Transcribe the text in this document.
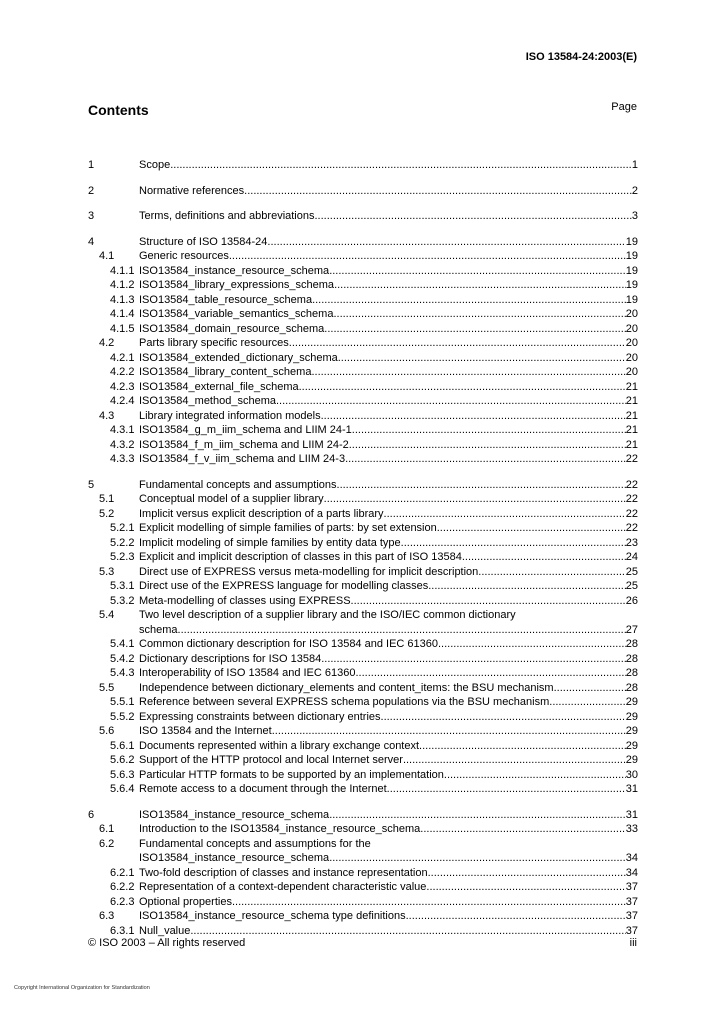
ISO 13584-24:2003(E)
Contents	Page
1	Scope .....	1
2	Normative references .....	2
3	Terms, definitions and abbreviations .....	3
4	Structure of ISO 13584-24 .....	19
4.1	Generic resources .....	19
4.1.1 ISO13584_instance_resource_schema .....	19
4.1.2 ISO13584_library_expressions_schema .....	19
4.1.3 ISO13584_table_resource_schema .....	19
4.1.4 ISO13584_variable_semantics_schema .....	20
4.1.5 ISO13584_domain_resource_schema .....	20
4.2	Parts library specific resources .....	20
4.2.1 ISO13584_extended_dictionary_schema .....	20
4.2.2 ISO13584_library_content_schema .....	20
4.2.3 ISO13584_external_file_schema .....	21
4.2.4 ISO13584_method_schema .....	21
4.3	Library integrated information models .....	21
4.3.1 ISO13584_g_m_iim_schema and LIIM 24-1 .....	21
4.3.2 ISO13584_f_m_iim_schema and LIIM 24-2 .....	21
4.3.3 ISO13584_f_v_iim_schema and LIIM 24-3 .....	22
5	Fundamental concepts and assumptions .....	22
5.1	Conceptual model of a supplier library .....	22
5.2	Implicit versus explicit description of a parts library .....	22
5.2.1 Explicit modelling of simple families of parts: by set extension .....	22
5.2.2 Implicit modeling of simple families by entity data type .....	23
5.2.3 Explicit and implicit description of classes in this part of ISO 13584 .....	24
5.3	Direct use of EXPRESS versus meta-modelling for implicit description .....	25
5.3.1 Direct use of the EXPRESS language for modelling classes .....	25
5.3.2 Meta-modelling of classes using EXPRESS .....	26
5.4	Two level description of a supplier library and the ISO/IEC common dictionary
schema .....	27
5.4.1 Common dictionary description for ISO 13584 and IEC 61360 .....	28
5.4.2 Dictionary descriptions for ISO 13584 .....	28
5.4.3 Interoperability of ISO 13584 and IEC 61360 .....	28
5.5	Independence between dictionary_elements and content_items: the BSU mechanism .....	28
5.5.1 Reference between several EXPRESS schema populations via the BSU mechanism .....	29
5.5.2 Expressing constraints between dictionary entries .....	29
5.6	ISO 13584 and the Internet .....	29
5.6.1 Documents represented within a library exchange context .....	29
5.6.2 Support of the HTTP protocol and local Internet server .....	29
5.6.3 Particular HTTP formats to be supported by an implementation .....	30
5.6.4 Remote access to a document through the Internet .....	31
6	ISO13584_instance_resource_schema .....	31
6.1	Introduction to the ISO13584_instance_resource_schema .....	33
6.2	Fundamental concepts and assumptions for the
ISO13584_instance_resource_schema .....	34
6.2.1 Two-fold description of classes and instance representation .....	34
6.2.2 Representation of a context-dependent characteristic value .....	37
6.2.3 Optional properties .....	37
6.3	ISO13584_instance_resource_schema type definitions .....	37
6.3.1 Null_value .....	37
© ISO 2003 – All rights reserved	iii
Copyright International Organization for Standardization
